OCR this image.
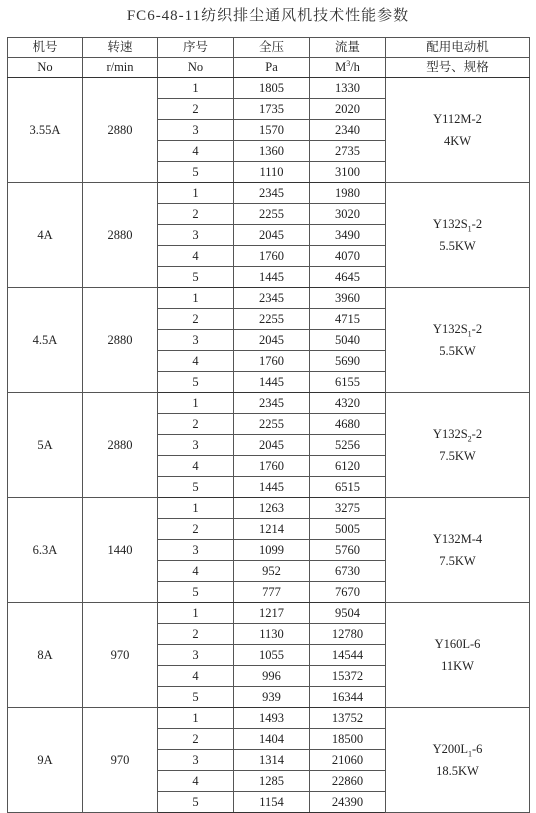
FC6-48-11纺织排尘通风机技术性能参数
机号	转速	序号	全压	流量	配用电动机
No	r/min	No	Pa	$M^3/h$	型号、规格
3.55A	2880	1	1805	1330	Y112M-2
4KW

		2	1735	2020	
		3	1570	2340	
		4	1360	2735	
		5	1110	3100	
4A	2880	1	2345	1980	$Y132S_1-2$
5.5KW

		2	2255	3020	
		3	2045	3490	
		4	1760	4070	
		5	1445	4645	
4.5A	2880	1	2345	3960	$Y132S_1-2$
5.5KW

		2	2255	4715	
		3	2045	5040	
		4	1760	5690	
		5	1445	6155	
5A	2880	1	2345	4320	$Y132S_2-2$
7.5KW

		2	2255	4680	
		3	2045	5256	
		4	1760	6120	
		5	1445	6515	
6.3A	1440	1	1263	3275	Y132M-4
7.5KW

		2	1214	5005	
		3	1099	5760	
		4	952	6730	
		5	777	7670	
8A	970	1	1217	9504	Y160L-6
11KW

		2	1130	12780	
		3	1055	14544	
		4	996	15372	
		5	939	16344	
9A	970	1	1493	13752	$Y200L_1-6$
18.5KW

		2	1404	18500	
		3	1314	21060	
		4	1285	22860	
		5	1154	24390	
